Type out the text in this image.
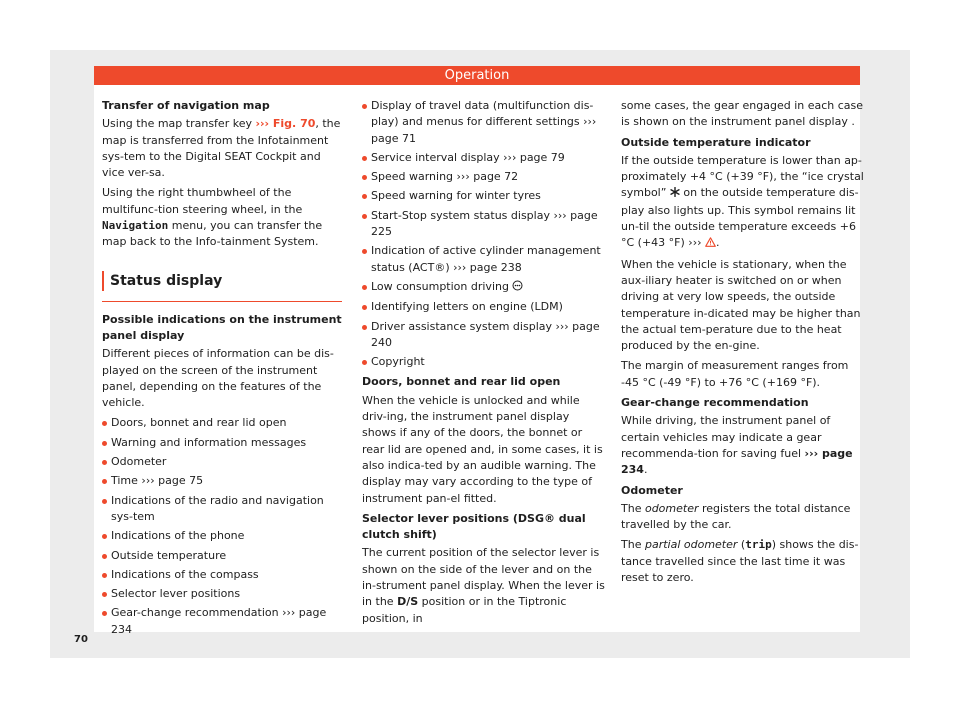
Operation
Transfer of navigation map

Using the map transfer key ››› Fig. 70, the map is transferred from the Infotainment sys-tem to the Digital SEAT Cockpit and vice ver-sa.

Using the right thumbwheel of the multifunc-tion steering wheel, in the Navigation menu, you can transfer the map back to the Info-tainment System.

Status display
Possible indications on the instrument panel display

Different pieces of information can be dis-played on the screen of the instrument panel, depending on the features of the vehicle.

Doors, bonnet and rear lid open
Warning and information messages
Odometer
Time ››› page 75
Indications of the radio and navigation sys-tem
Indications of the phone
Outside temperature
Indications of the compass
Selector lever positions
Gear-change recommendation ››› page 234
Display of travel data (multifunction dis-play) and menus for different settings ››› page 71
Service interval display ››› page 79
Speed warning ››› page 72
Speed warning for winter tyres
Start-Stop system status display ››› page 225
Indication of active cylinder management status (ACT®) ››› page 238
Low consumption driving
Identifying letters on engine (LDM)
Driver assistance system display ››› page 240
Copyright
Doors, bonnet and rear lid open

When the vehicle is unlocked and while driv-ing, the instrument panel display shows if any of the doors, the bonnet or rear lid are opened and, in some cases, it is also indica-ted by an audible warning. The display may vary according to the type of instrument pan-el fitted.

Selector lever positions (DSG® dual clutch shift)

The current position of the selector lever is shown on the side of the lever and on the in-strument panel display. When the lever is in the D/S position or in the Tiptronic position, in

some cases, the gear engaged in each case is shown on the instrument panel display .

Outside temperature indicator

If the outside temperature is lower than ap-proximately +4 °C (+39 °F), the “ice crystal symbol”  on the outside temperature dis-play also lights up. This symbol remains lit un-til the outside temperature exceeds +6 °C (+43 °F) ››› .

When the vehicle is stationary, when the aux-iliary heater is switched on or when driving at very low speeds, the outside temperature in-dicated may be higher than the actual tem-perature due to the heat produced by the en-gine.

The margin of measurement ranges from -45 °C (-49 °F) to +76 °C (+169 °F).

Gear-change recommendation

While driving, the instrument panel of certain vehicles may indicate a gear recommenda-tion for saving fuel ››› page 234.

Odometer

The odometer registers the total distance travelled by the car.

The partial odometer (trip) shows the dis-tance travelled since the last time it was reset to zero.

70
